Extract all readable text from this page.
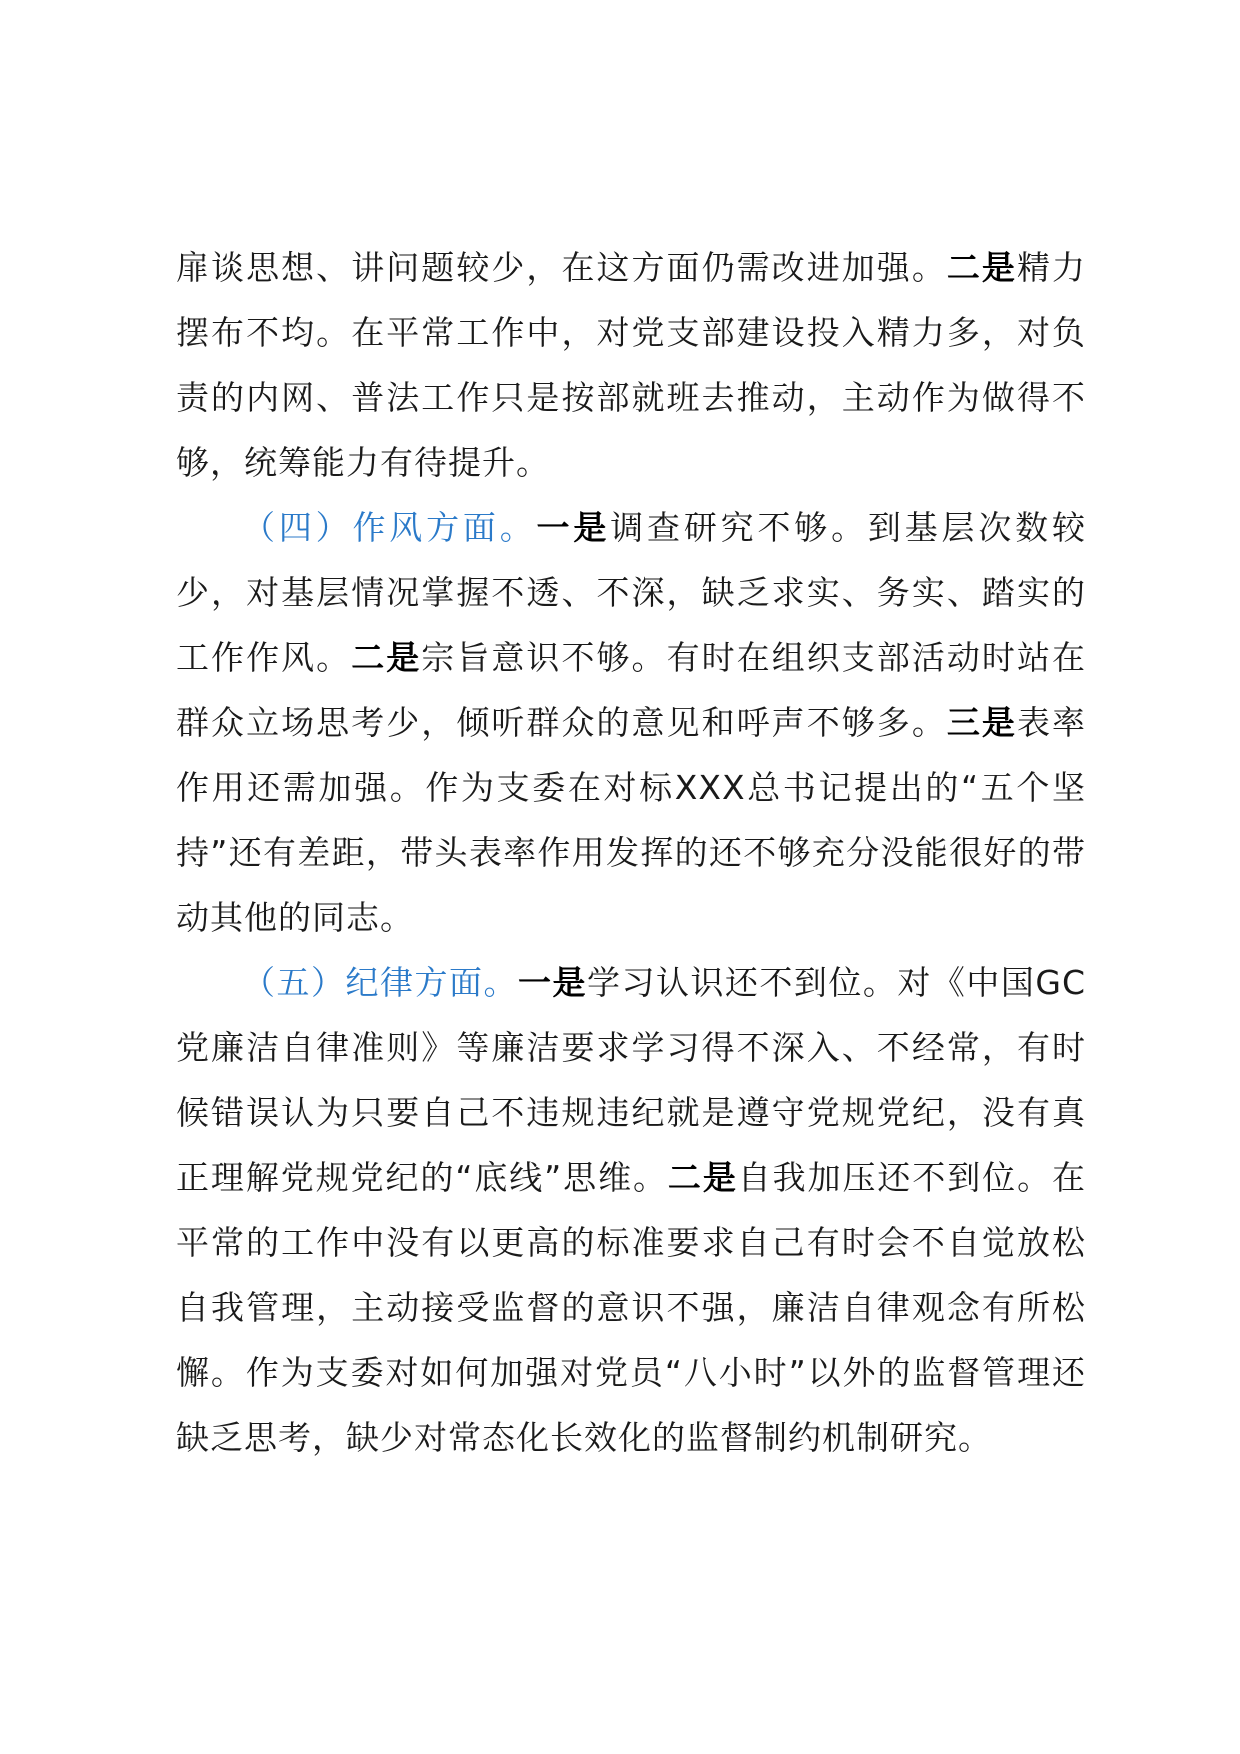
扉谈思想、讲问题较少，在这方面仍需改进加强。二是精力摆布不均。在平常工作中，对党支部建设投入精力多，对负责的内网、普法工作只是按部就班去推动，主动作为做得不够，统筹能力有待提升。

（四）作风方面。一是调查研究不够。到基层次数较少，对基层情况掌握不透、不深，缺乏求实、务实、踏实的工作作风。二是宗旨意识不够。有时在组织支部活动时站在群众立场思考少，倾听群众的意见和呼声不够多。三是表率作用还需加强。作为支委在对标XXX总书记提出的“五个坚持”还有差距，带头表率作用发挥的还不够充分没能很好的带动其他的同志。

（五）纪律方面。一是学习认识还不到位。对《中国GC党廉洁自律准则》等廉洁要求学习得不深入、不经常，有时候错误认为只要自己不违规违纪就是遵守党规党纪，没有真正理解党规党纪的“底线”思维。二是自我加压还不到位。在平常的工作中没有以更高的标准要求自己有时会不自觉放松自我管理，主动接受监督的意识不强，廉洁自律观念有所松懈。作为支委对如何加强对党员“八小时”以外的监督管理还缺乏思考，缺少对常态化长效化的监督制约机制研究。
